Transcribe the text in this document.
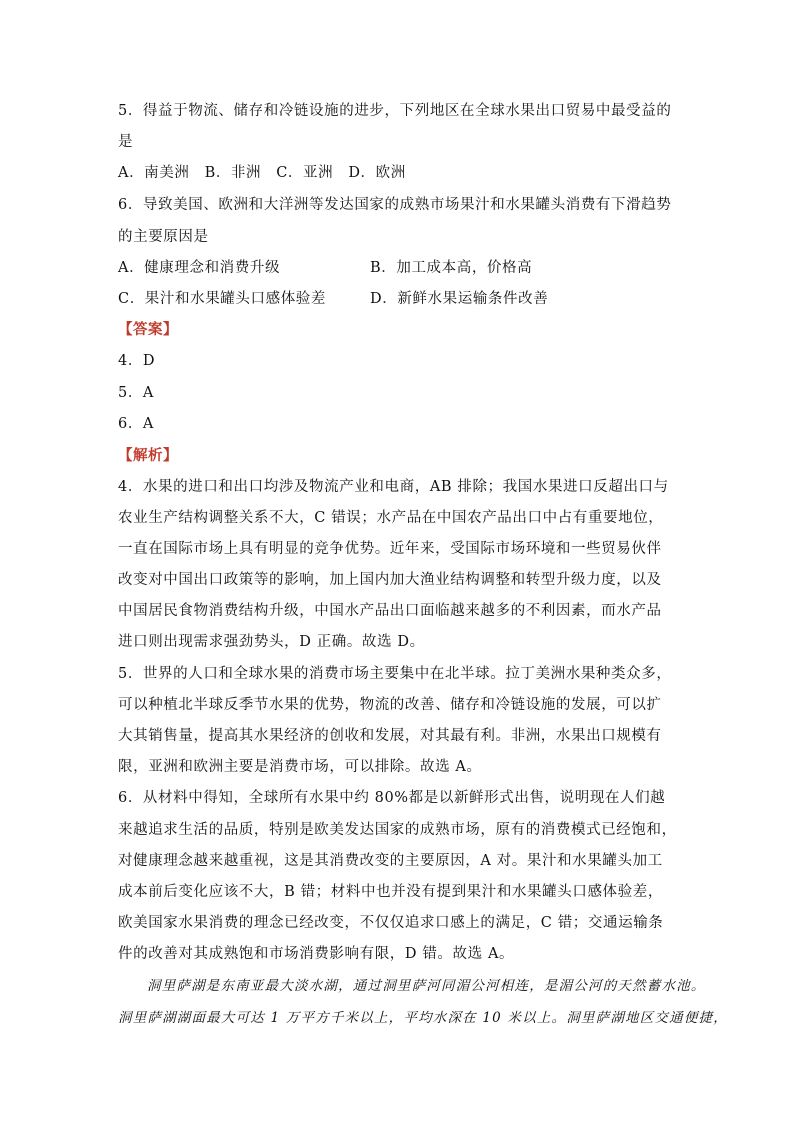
5．得益于物流、储存和冷链设施的进步，下列地区在全球水果出口贸易中最受益的
是
A．南美洲　B．非洲　C．亚洲　D．欧洲
6．导致美国、欧洲和大洋洲等发达国家的成熟市场果汁和水果罐头消费有下滑趋势
的主要原因是
A．健康理念和消费升级	B．加工成本高，价格高
C．果汁和水果罐头口感体验差	D．新鲜水果运输条件改善
【答案】
4．D
5．A
6．A
【解析】
4．水果的进口和出口均涉及物流产业和电商，AB 排除；我国水果进口反超出口与
农业生产结构调整关系不大，C 错误；水产品在中国农产品出口中占有重要地位，
一直在国际市场上具有明显的竞争优势。近年来，受国际市场环境和一些贸易伙伴
改变对中国出口政策等的影响，加上国内加大渔业结构调整和转型升级力度，以及
中国居民食物消费结构升级，中国水产品出口面临越来越多的不利因素，而水产品
进口则出现需求强劲势头，D 正确。故选 D。
5．世界的人口和全球水果的消费市场主要集中在北半球。拉丁美洲水果种类众多，
可以种植北半球反季节水果的优势，物流的改善、储存和冷链设施的发展，可以扩
大其销售量，提高其水果经济的创收和发展，对其最有利。非洲，水果出口规模有
限，亚洲和欧洲主要是消费市场，可以排除。故选 A。
6．从材料中得知，全球所有水果中约 80%都是以新鲜形式出售，说明现在人们越
来越追求生活的品质，特别是欧美发达国家的成熟市场，原有的消费模式已经饱和，
对健康理念越来越重视，这是其消费改变的主要原因，A 对。果汁和水果罐头加工
成本前后变化应该不大，B 错；材料中也并没有提到果汁和水果罐头口感体验差，
欧美国家水果消费的理念已经改变，不仅仅追求口感上的满足，C 错；交通运输条
件的改善对其成熟饱和市场消费影响有限，D 错。故选 A。
洞里萨湖是东南亚最大淡水湖，通过洞里萨河同湄公河相连，是湄公河的天然蓄水池。
洞里萨湖湖面最大可达 1 万平方千米以上，平均水深在 10 米以上。洞里萨湖地区交通便捷，
